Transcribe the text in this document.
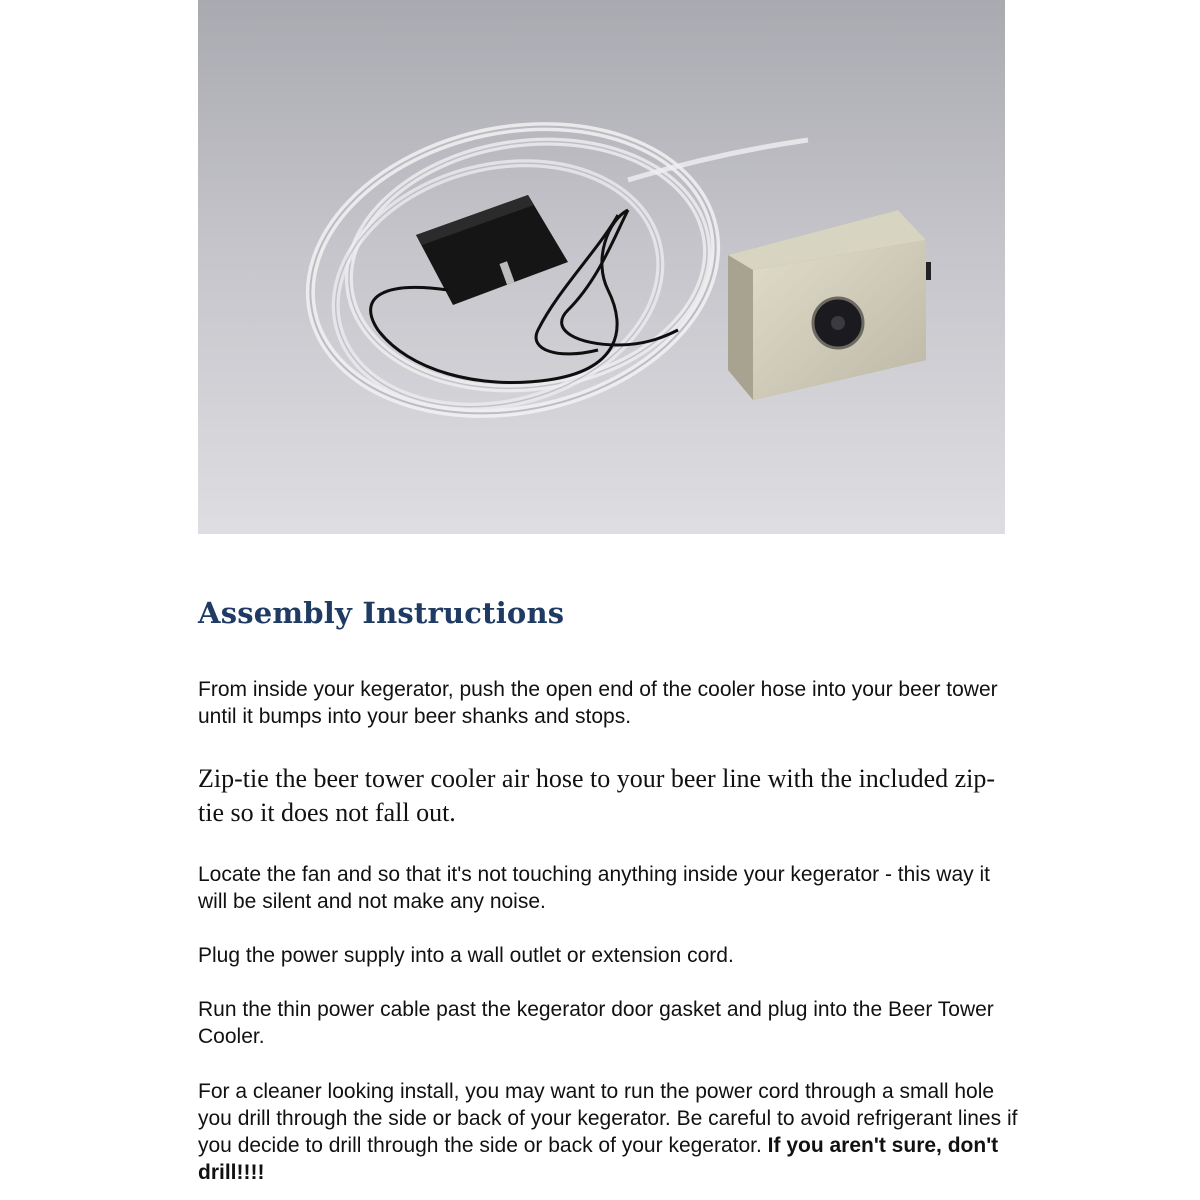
Assembly Instructions
From inside your kegerator, push the open end of the cooler hose into your beer tower until it bumps into your beer shanks and stops.
Zip-tie the beer tower cooler air hose to your beer line with the included zip-tie so it does not fall out.
Locate the fan and so that it's not touching anything inside your kegerator - this way it will be silent and not make any noise.
Plug the power supply into a wall outlet or extension cord.
Run the thin power cable past the kegerator door gasket and plug into the Beer Tower Cooler.
For a cleaner looking install, you may want to run the power cord through a small hole you drill through the side or back of your kegerator. Be careful to avoid refrigerant lines if you decide to drill through the side or back of your kegerator. If you aren't sure, don't drill!!!!
